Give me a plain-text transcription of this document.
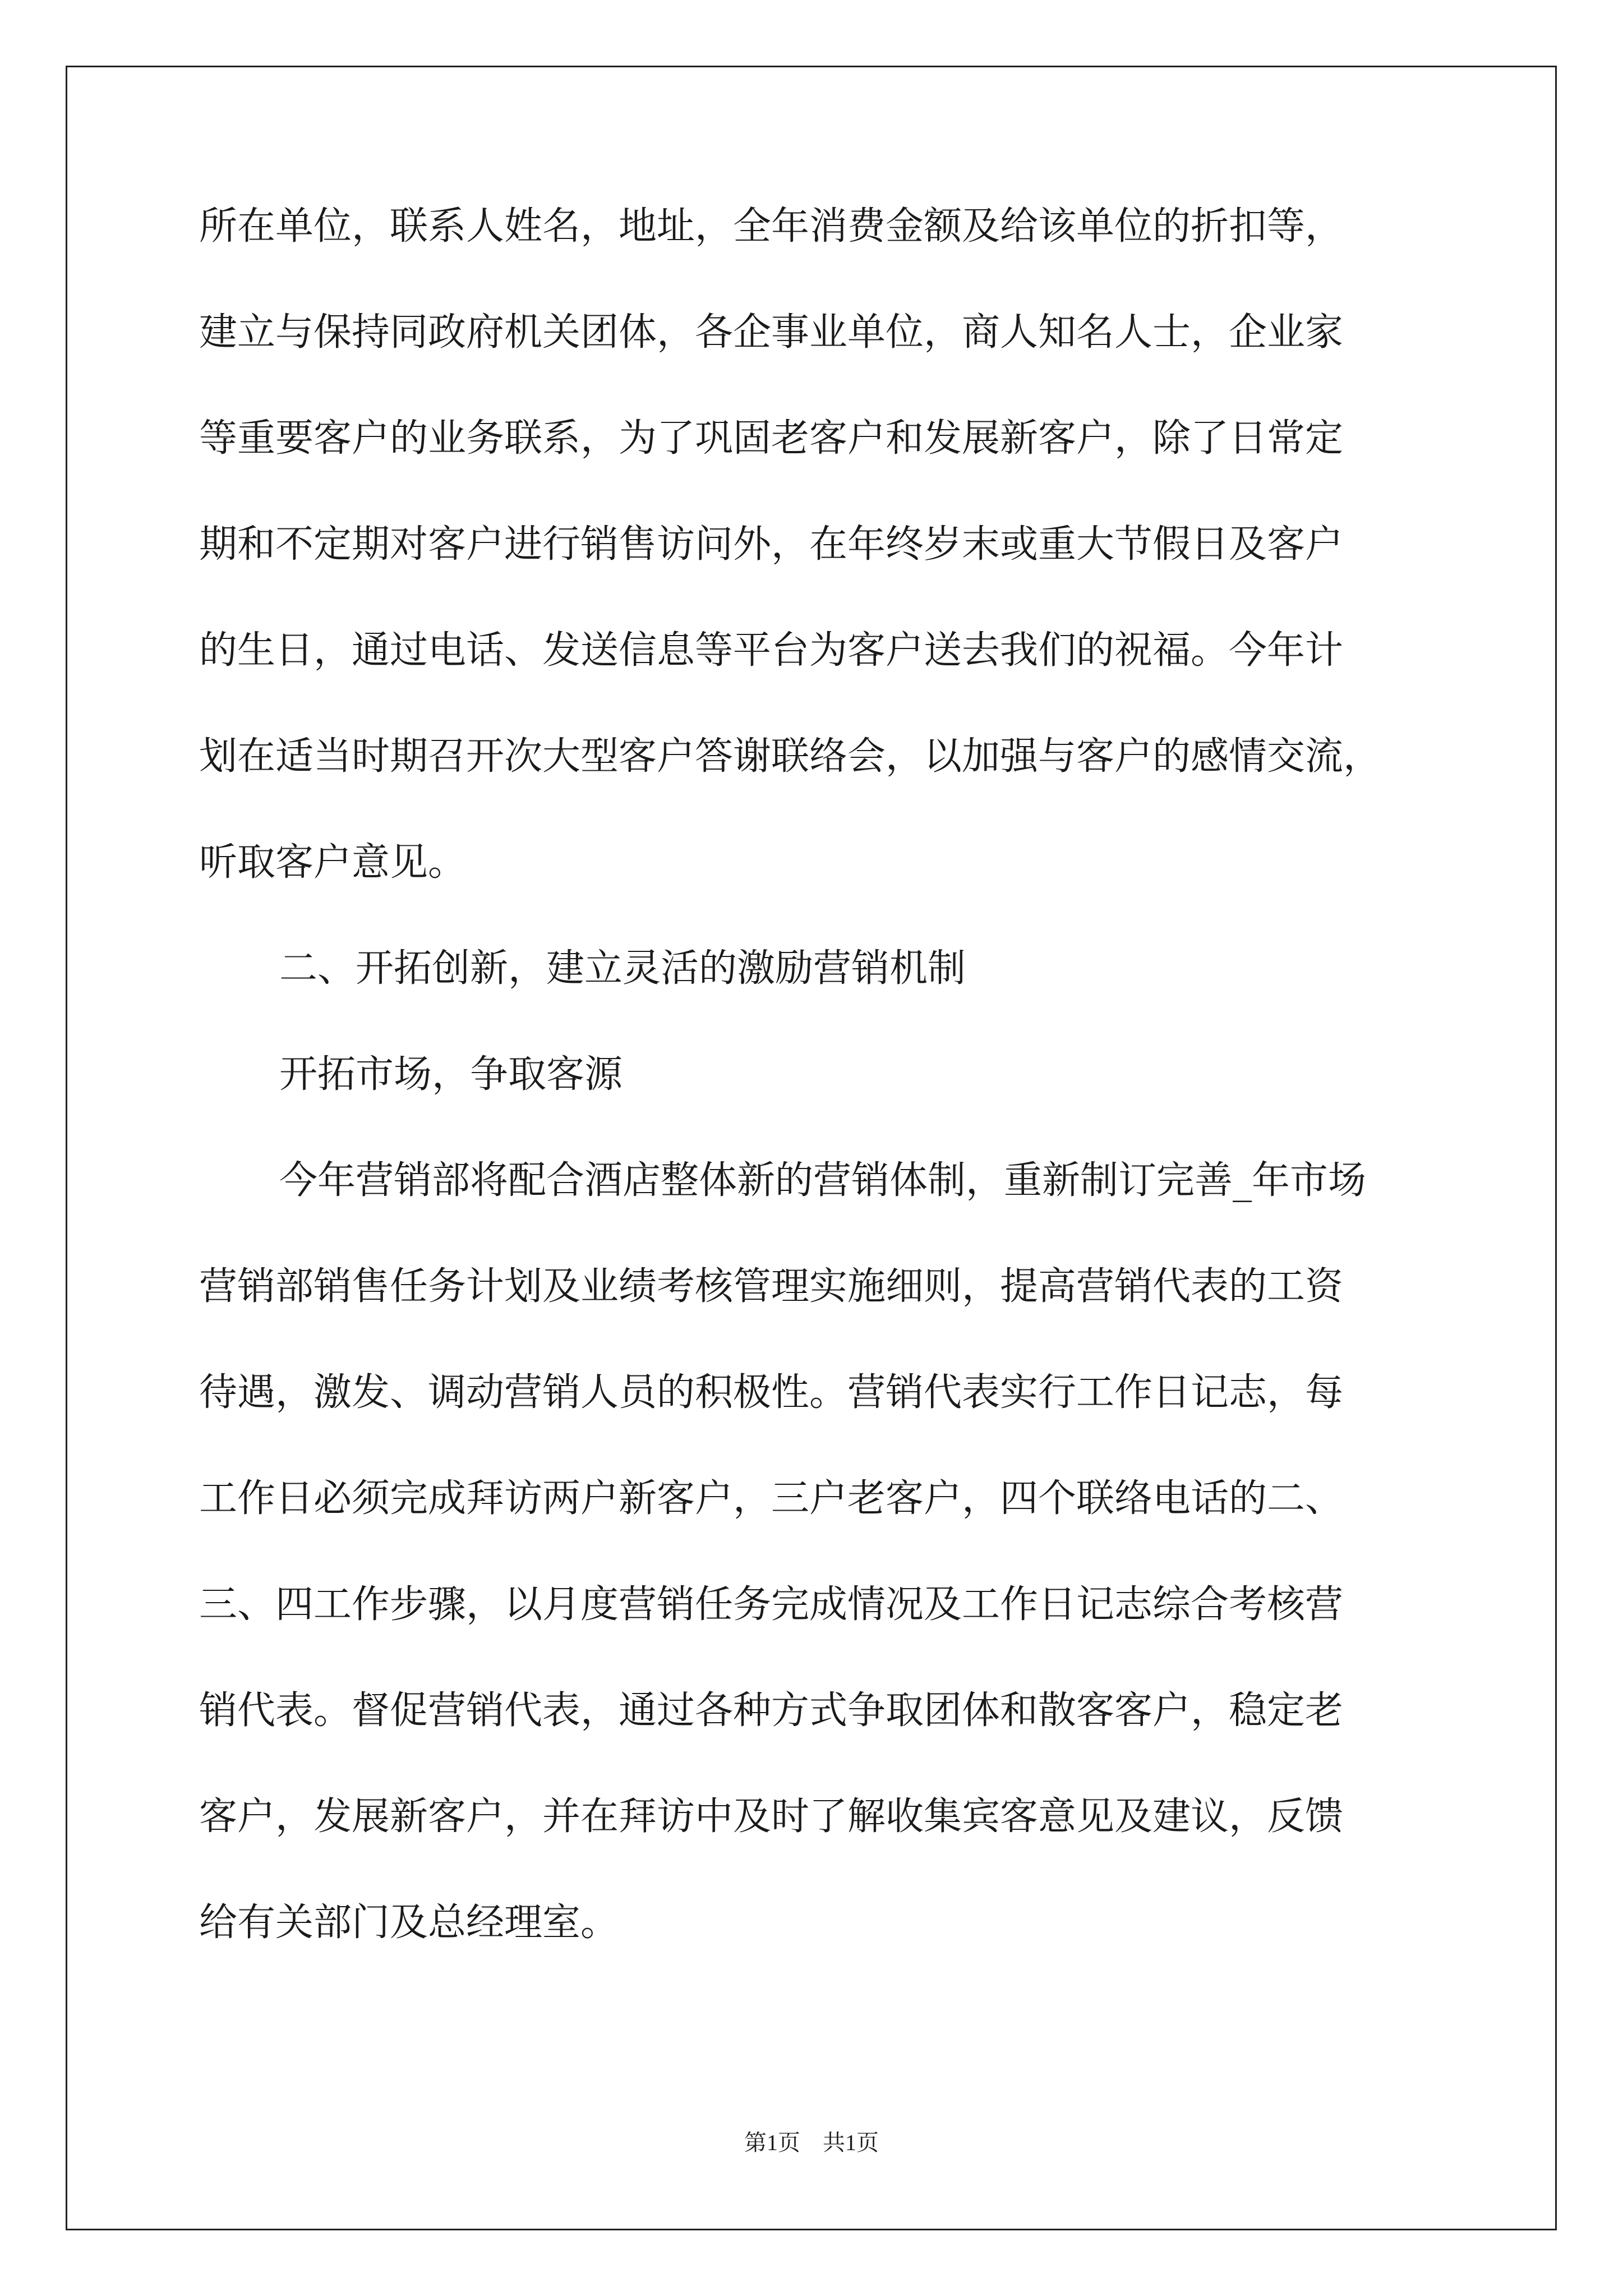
所在单位，联系人姓名，地址，全年消费金额及给该单位的折扣等，
建立与保持同政府机关团体，各企事业单位，商人知名人士，企业家
等重要客户的业务联系，为了巩固老客户和发展新客户，除了日常定
期和不定期对客户进行销售访问外，在年终岁末或重大节假日及客户
的生日，通过电话、发送信息等平台为客户送去我们的祝福。今年计
划在适当时期召开次大型客户答谢联络会，以加强与客户的感情交流，
听取客户意见。
二、开拓创新，建立灵活的激励营销机制
开拓市场，争取客源
今年营销部将配合酒店整体新的营销体制，重新制订完善_年市场
营销部销售任务计划及业绩考核管理实施细则，提高营销代表的工资
待遇，激发、调动营销人员的积极性。营销代表实行工作日记志，每
工作日必须完成拜访两户新客户，三户老客户，四个联络电话的二、
三、四工作步骤，以月度营销任务完成情况及工作日记志综合考核营
销代表。督促营销代表，通过各种方式争取团体和散客客户，稳定老
客户，发展新客户，并在拜访中及时了解收集宾客意见及建议，反馈
给有关部门及总经理室。
第1页　共1页
